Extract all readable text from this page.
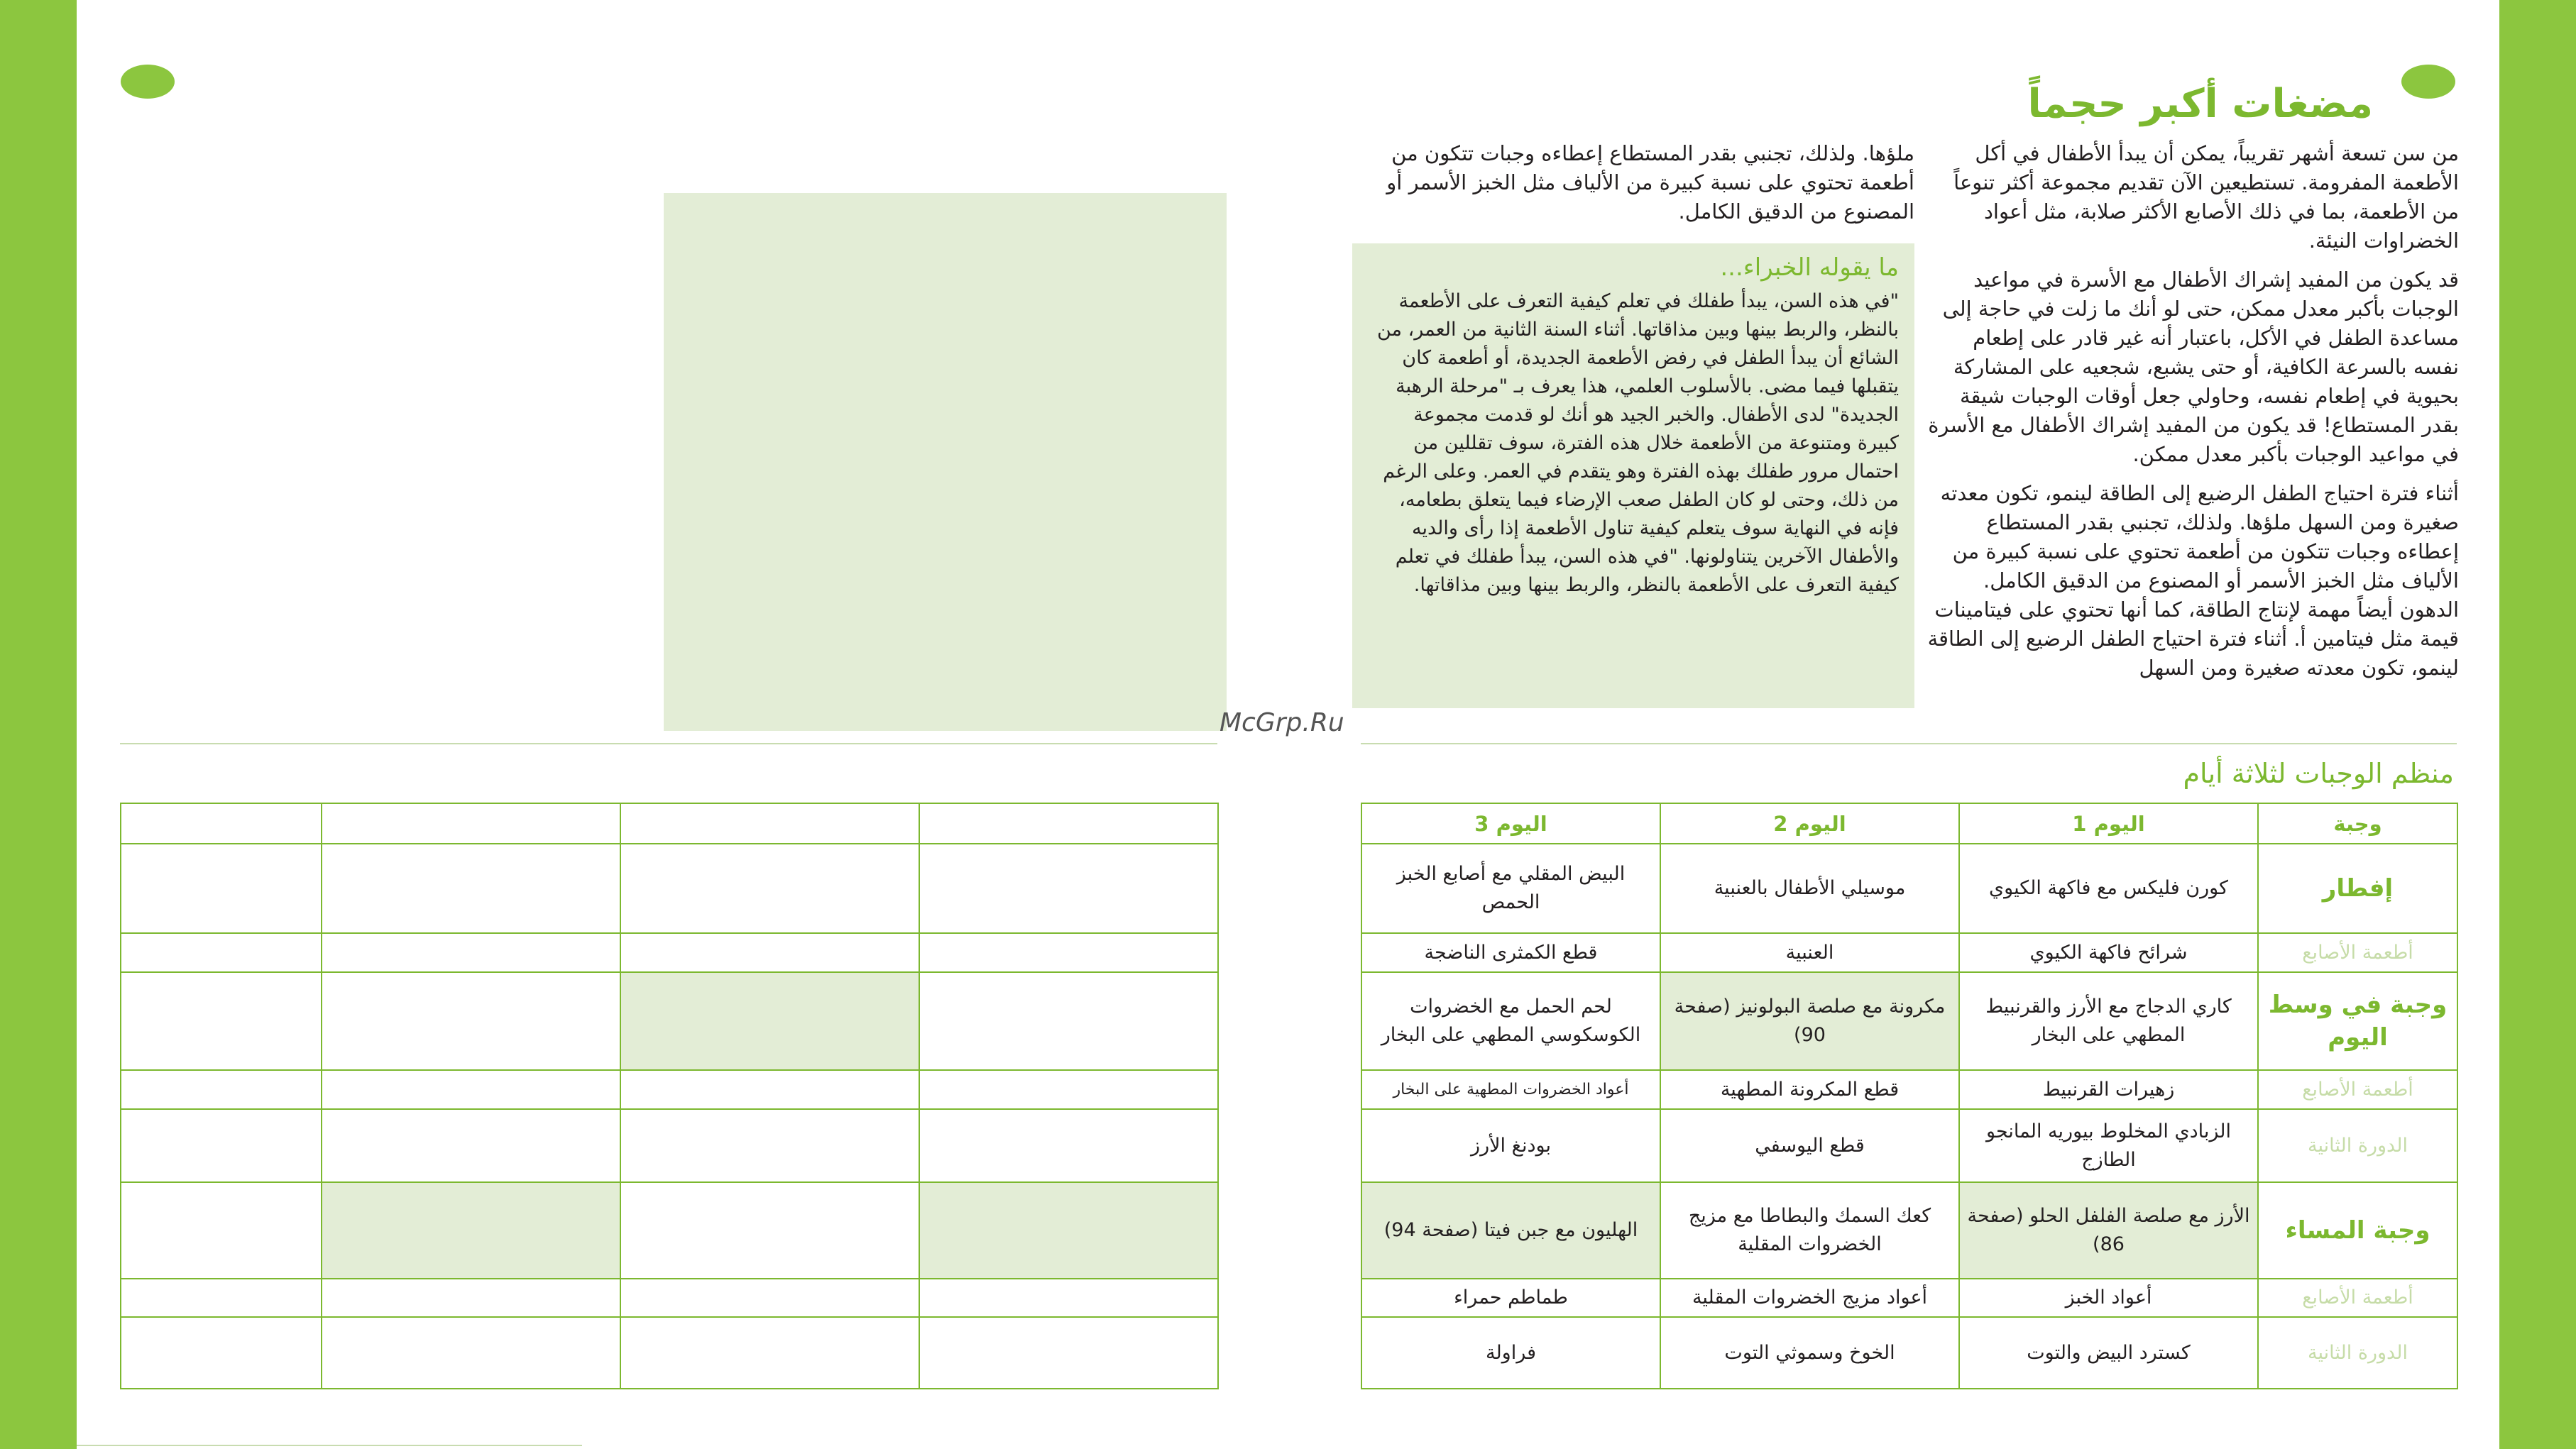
مضغات أكبر حجماً

من سن تسعة أشهر تقريباً، يمكن أن يبدأ الأطفال في أكل الأطعمة المفرومة. تستطيعين الآن تقديم مجموعة أكثر تنوعاً من الأطعمة، بما في ذلك الأصابع الأكثر صلابة، مثل أعواد الخضراوات النيئة.

قد يكون من المفيد إشراك الأطفال مع الأسرة في مواعيد الوجبات بأكبر معدل ممكن، حتى لو أنك ما زلت في حاجة إلى مساعدة الطفل في الأكل، باعتبار أنه غير قادر على إطعام نفسه بالسرعة الكافية، أو حتى يشبع، شجعيه على المشاركة بحيوية في إطعام نفسه، وحاولي جعل أوقات الوجبات شيقة بقدر المستطاع! قد يكون من المفيد إشراك الأطفال مع الأسرة في مواعيد الوجبات بأكبر معدل ممكن.

أثناء فترة احتياج الطفل الرضيع إلى الطاقة لينمو، تكون معدته صغيرة ومن السهل ملؤها. ولذلك، تجنبي بقدر المستطاع إعطاءه وجبات تتكون من أطعمة تحتوي على نسبة كبيرة من الألياف مثل الخبز الأسمر أو المصنوع من الدقيق الكامل. الدهون أيضاً مهمة لإنتاج الطاقة، كما أنها تحتوي على فيتامينات قيمة مثل فيتامين أ. أثناء فترة احتياج الطفل الرضيع إلى الطاقة لينمو، تكون معدته صغيرة ومن السهل

ملؤها. ولذلك، تجنبي بقدر المستطاع إعطاءه وجبات تتكون من أطعمة تحتوي على نسبة كبيرة من الألياف مثل الخبز الأسمر أو المصنوع من الدقيق الكامل.

ما يقوله الخبراء...
"في هذه السن، يبدأ طفلك في تعلم كيفية التعرف على الأطعمة بالنظر، والربط بينها وبين مذاقاتها. أثناء السنة الثانية من العمر، من الشائع أن يبدأ الطفل في رفض الأطعمة الجديدة، أو أطعمة كان يتقبلها فيما مضى. بالأسلوب العلمي، هذا يعرف بـ "مرحلة الرهبة الجديدة" لدى الأطفال. والخبر الجيد هو أنك لو قدمت مجموعة كبيرة ومتنوعة من الأطعمة خلال هذه الفترة، سوف تقللين من احتمال مرور طفلك بهذه الفترة وهو يتقدم في العمر. وعلى الرغم من ذلك، وحتى لو كان الطفل صعب الإرضاء فيما يتعلق بطعامه، فإنه في النهاية سوف يتعلم كيفية تناول الأطعمة إذا رأى والديه والأطفال الآخرين يتناولونها. "في هذه السن، يبدأ طفلك في تعلم كيفية التعرف على الأطعمة بالنظر، والربط بينها وبين مذاقاتها.
McGrp.Ru
منظم الوجبات لثلاثة أيام
وجبة	اليوم 1	اليوم 2	اليوم 3
إفطار	كورن فليكس مع فاكهة الكيوي	موسيلي الأطفال بالعنبية	البيض المقلي مع أصابع الخبز الحمص
أطعمة الأصابع	شرائح فاكهة الكيوي	العنبية	قطع الكمثرى الناضجة
وجبة في وسط اليوم	كاري الدجاج مع الأرز والقرنبيط المطهي على البخار	مكرونة مع صلصة البولونيز (صفحة 90)	لحم الحمل مع الخضروات الكوسكوسي المطهي على البخار
أطعمة الأصابع	زهيرات القرنبيط	قطع المكرونة المطهية	أعواد الخضروات المطهية على البخار
الدورة الثانية	الزبادي المخلوط بيوريه المانجو الطازج	قطع اليوسفي	بودنغ الأرز
وجبة المساء	الأرز مع صلصة الفلفل الحلو (صفحة 86)	كعك السمك والبطاطا مع مزيج الخضروات المقلية	الهليون مع جبن فيتا (صفحة 94)
أطعمة الأصابع	أعواد الخبز	أعواد مزيج الخضروات المقلية	طماطم حمراء
الدورة الثانية	كسترد البيض والتوت	الخوخ وسموثي التوت	فراولة
